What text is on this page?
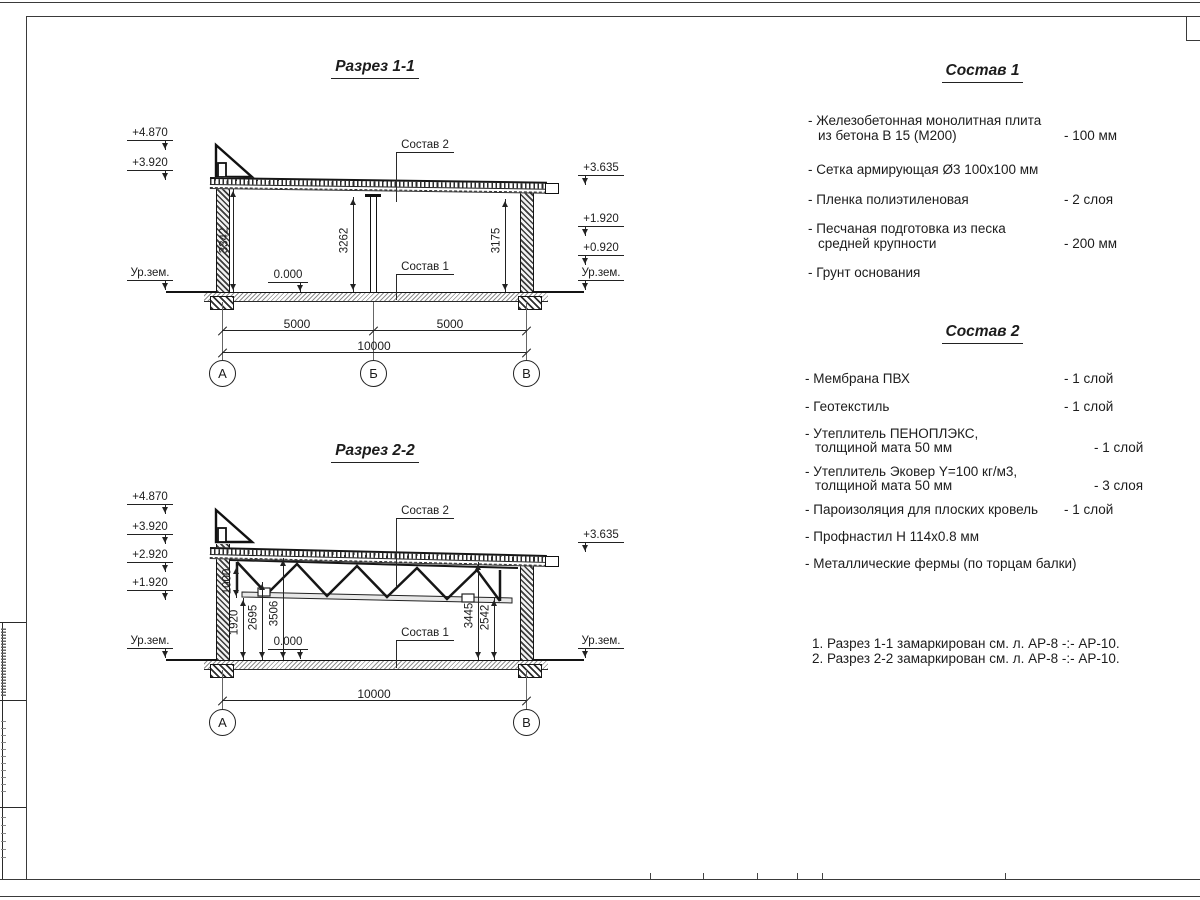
Разрез 1-1
+4.870
+3.920
Ур.зем.
+3.635
+1.920
+0.920
Ур.зем.
3342	3262	3175
0.000
Состав 2
Состав 1
5000	5000
10000
А	Б	В
Разрез 2-2
+4.870
+3.920
+2.920
+1.920
Ур.зем.
+3.635
Ур.зем.
1000
1920 2695 3506	3445 2542
0.000
Состав 2
Состав 1
10000
А	В
Состав 1
- Железобетонная монолитная плита
из бетона В 15 (М200)	- 100 мм
- Сетка армирующая Ø3 100х100 мм
- Пленка полиэтиленовая	- 2 слоя
- Песчаная подготовка из песка
средней крупности	- 200 мм
- Грунт основания
Состав 2
- Мембрана ПВХ	- 1 слой
- Геотекстиль	- 1 слой
- Утеплитель ПЕНОПЛЭКС,
толщиной мата 50 мм	- 1 слой
- Утеплитель Эковер Y=100 кг/м3,
толщиной мата 50 мм	- 3 слоя
- Пароизоляция для плоских кровель - 1 слой
- Профнастил Н 114х0.8 мм
- Металлические фермы (по торцам балки)
1. Разрез 1-1 замаркирован см. л. АР-8 -:- АР-10.
2. Разрез 2-2 замаркирован см. л. АР-8 -:- АР-10.
